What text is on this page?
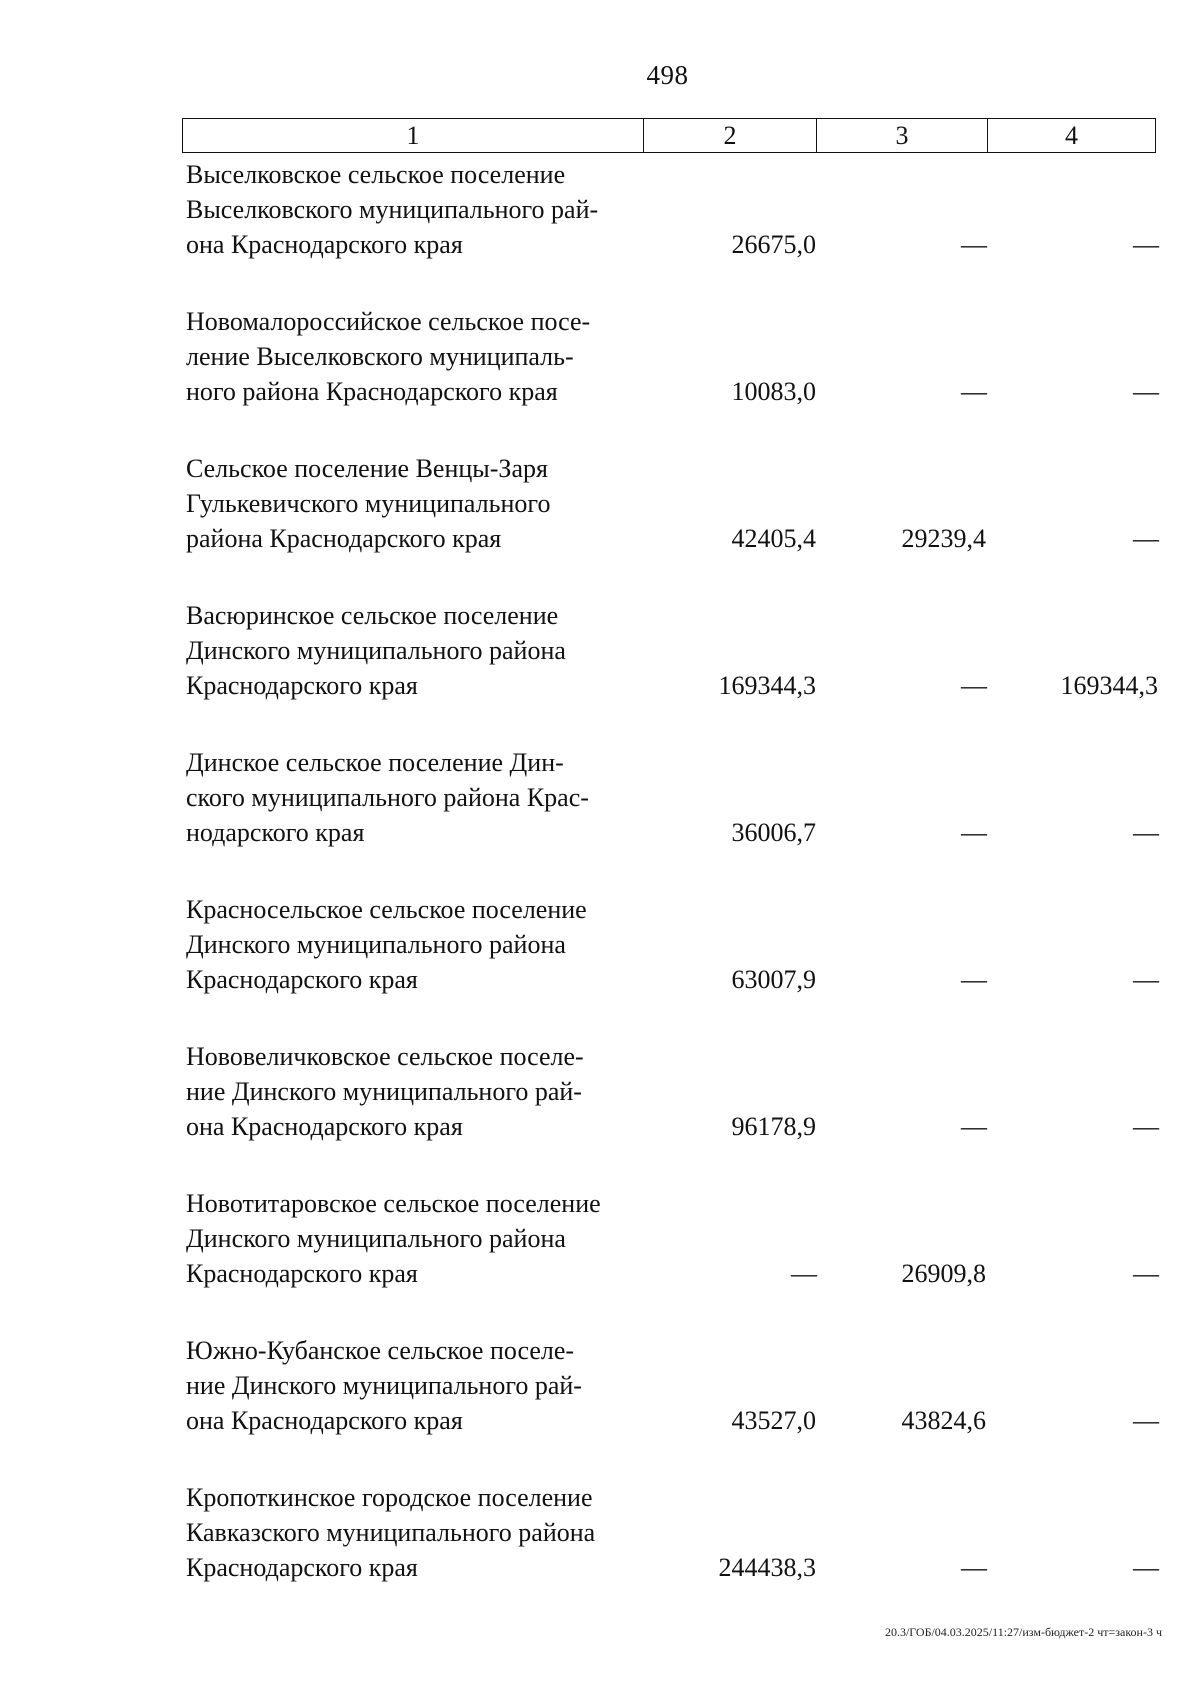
498
1	2	3	4
Выселковское сельское поселение
Выселковского муниципального рай-
она Краснодарского края	26675,0	—	—
Новомалороссийское сельское посе-
ление Выселковского муниципаль-
ного района Краснодарского края	10083,0	—	—
Сельское поселение Венцы-Заря
Гулькевичского муниципального
района Краснодарского края	42405,4	29239,4	—
Васюринское сельское поселение
Динского муниципального района
Краснодарского края	169344,3	—	169344,3
Динское сельское поселение Дин-
ского муниципального района Крас-
нодарского края	36006,7	—	—
Красносельское сельское поселение
Динского муниципального района
Краснодарского края	63007,9	—	—
Нововеличковское сельское поселе-
ние Динского муниципального рай-
она Краснодарского края	96178,9	—	—
Новотитаровское сельское поселение
Динского муниципального района
Краснодарского края	—	26909,8	—
Южно-Кубанское сельское поселе-
ние Динского муниципального рай-
она Краснодарского края	43527,0	43824,6	—
Кропоткинское городское поселение
Кавказского муниципального района
Краснодарского края	244438,3	—	—
20.3/ГОБ/04.03.2025/11:27/изм-бюджет-2 чт=закон-3 ч
